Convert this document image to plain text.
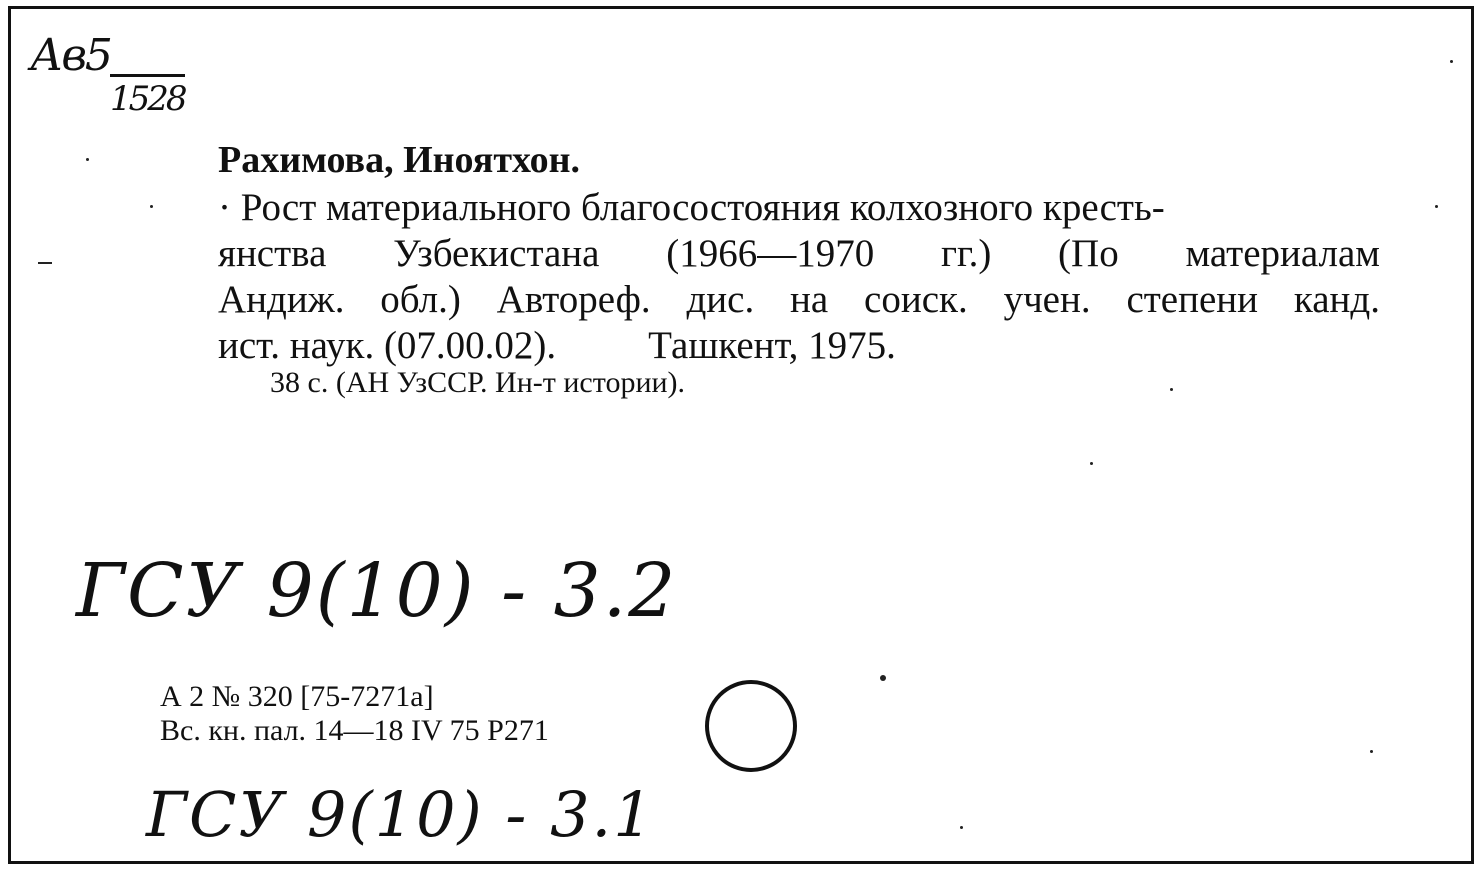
Ав5
1528
Рахимова, Иноятхон.
· Рост материального благосостояния колхозного кресть-
янства Узбекистана (1966—1970 гг.) (По материалам
Андиж. обл.) Автореф. дис. на соиск. учен. степени канд.
ист. наук. (07.00.02). Ташкент, 1975.
38 с. (АН УзССР. Ин-т истории).
ГСУ 9(10) - 3.2
А 2 № 320 [75-7271а]
Вс. кн. пал. 14—18 IV 75 Р271
ГСУ 9(10) - 3.1
